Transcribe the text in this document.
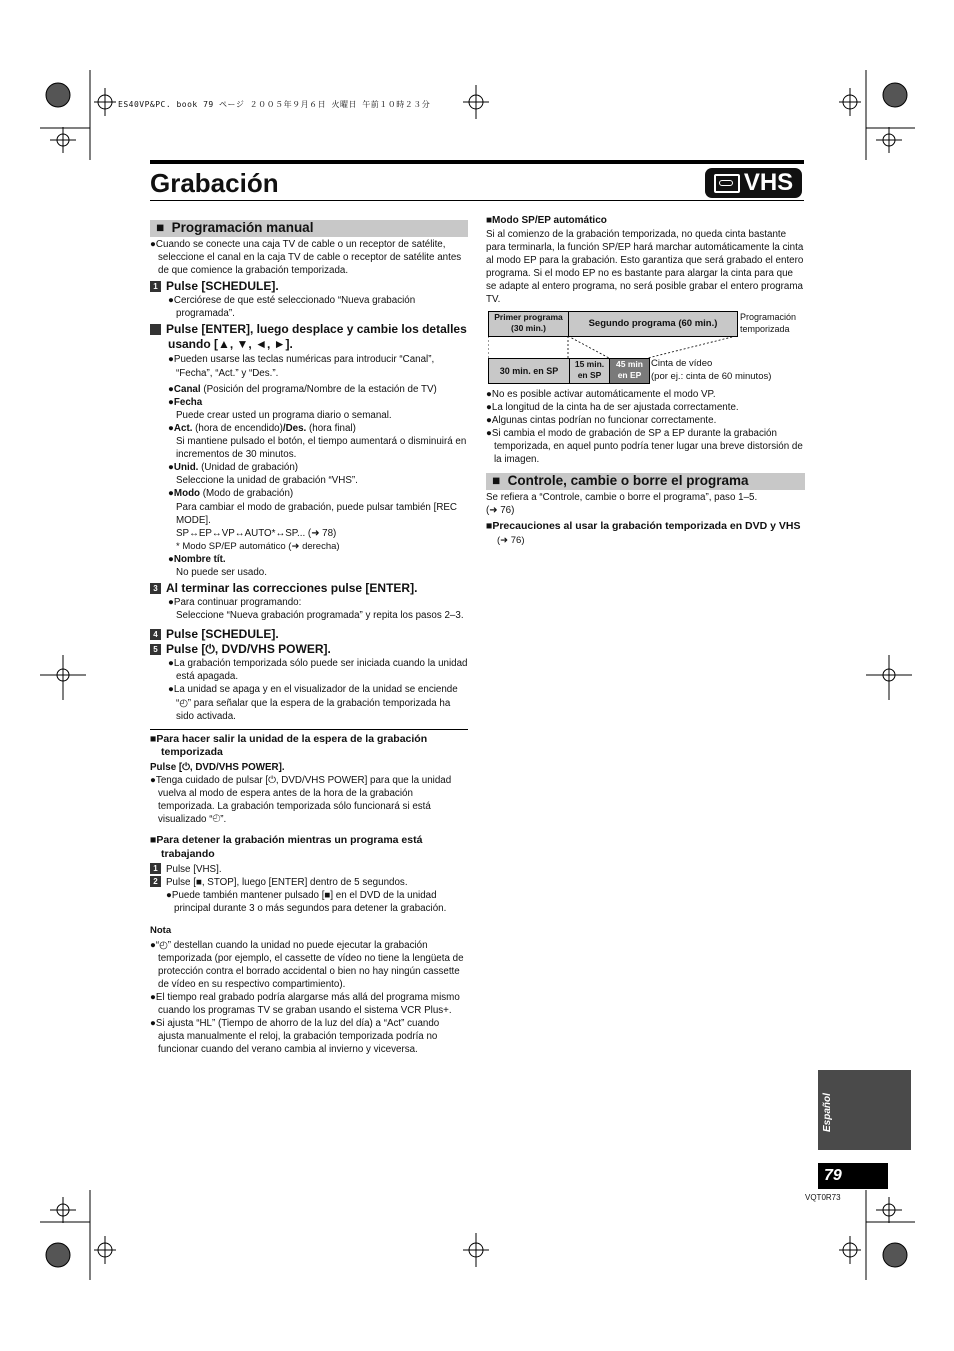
ES40VP&PC. book 79 ページ ２００５年９月６日 火曜日 午前１０時２３分
Grabación	VHS
■  Programación manual

●Cuando se conecte una caja TV de cable o un receptor de satélite, seleccione el canal en la caja TV de cable o receptor de satélite antes de que comience la grabación temporizada.

1 Pulse [SCHEDULE].

●Cerciórese de que esté seleccionado “Nueva grabación programada”.

2 Pulse [ENTER], luego desplace y cambie los detalles usando [▲, ▼, ◄, ►].

●Pueden usarse las teclas numéricas para introducir “Canal”, “Fecha”, “Act.” y “Des.”.

●Canal (Posición del programa/Nombre de la estación de TV)

●Fecha

Puede crear usted un programa diario o semanal.

●Act. (hora de encendido)/Des. (hora final)

Si mantiene pulsado el botón, el tiempo aumentará o disminuirá en incrementos de 30 minutos.

●Unid. (Unidad de grabación)

Seleccione la unidad de grabación “VHS”.

●Modo (Modo de grabación)

Para cambiar el modo de grabación, puede pulsar también [REC MODE].

SP↔EP↔VP↔AUTO*↔SP... (➜ 78)

* Modo SP/EP automático (➜ derecha)

●Nombre tít.

No puede ser usado.

3 Al terminar las correcciones pulse [ENTER].

●Para continuar programando:

Seleccione “Nueva grabación programada” y repita los pasos 2–3.

4 Pulse [SCHEDULE].
5 Pulse [⏻, DVD/VHS POWER].

●La grabación temporizada sólo puede ser iniciada cuando la unidad está apagada.

●La unidad se apaga y en el visualizador de la unidad se enciende “◴” para señalar que la espera de la grabación temporizada ha sido activada.

■Para hacer salir la unidad de la espera de la grabación temporizada

Pulse [⏻, DVD/VHS POWER].

●Tenga cuidado de pulsar [⏻, DVD/VHS POWER] para que la unidad vuelva al modo de espera antes de la hora de la grabación temporizada. La grabación temporizada sólo funcionará si está visualizado “◴”.

■Para detener la grabación mientras un programa está trabajando

1 Pulse [VHS].

2 Pulse [■, STOP], luego [ENTER] dentro de 5 segundos.

●Puede también mantener pulsado [■] en el DVD de la unidad principal durante 3 o más segundos para detener la grabación.

Nota

●“◴” destellan cuando la unidad no puede ejecutar la grabación temporizada (por ejemplo, el cassette de vídeo no tiene la lengüeta de protección contra el borrado accidental o bien no hay ningún cassette de vídeo en su respectivo compartimiento).

●El tiempo real grabado podría alargarse más allá del programa mismo cuando los programas TV se graban usando el sistema VCR Plus+.

●Si ajusta “HL” (Tiempo de ahorro de la luz del día) a “Act” cuando ajusta manualmente el reloj, la grabación temporizada podría no funcionar cuando del verano cambia al invierno y viceversa.

■Modo SP/EP automático

Si al comienzo de la grabación temporizada, no queda cinta bastante para terminarla, la función SP/EP hará marchar automáticamente la cinta al modo EP para la grabación. Esto garantiza que será grabado el entero programa. Si el modo EP no es bastante para alargar la cinta para que se adapte al entero programa, no será posible grabar el entero programa TV.

Primer programa (30 min.)	Segundo programa (60 min.)
Programación temporizada
30 min. en SP
15 min. en SP
45 min en EP
Cinta de vídeo
(por ej.: cinta de 60 minutos)

●No es posible activar automáticamente el modo VP.

●La longitud de la cinta ha de ser ajustada correctamente.

●Algunas cintas podrían no funcionar correctamente.

●Si cambia el modo de grabación de SP a EP durante la grabación temporizada, en aquel punto podría tener lugar una breve distorsión de la imagen.

■  Controle, cambie o borre el programa

Se refiera a “Controle, cambie o borre el programa”, paso 1–5.

(➜ 76)

■Precauciones al usar la grabación temporizada en DVD y VHS (➜ 76)

Español
79
VQT0R73
